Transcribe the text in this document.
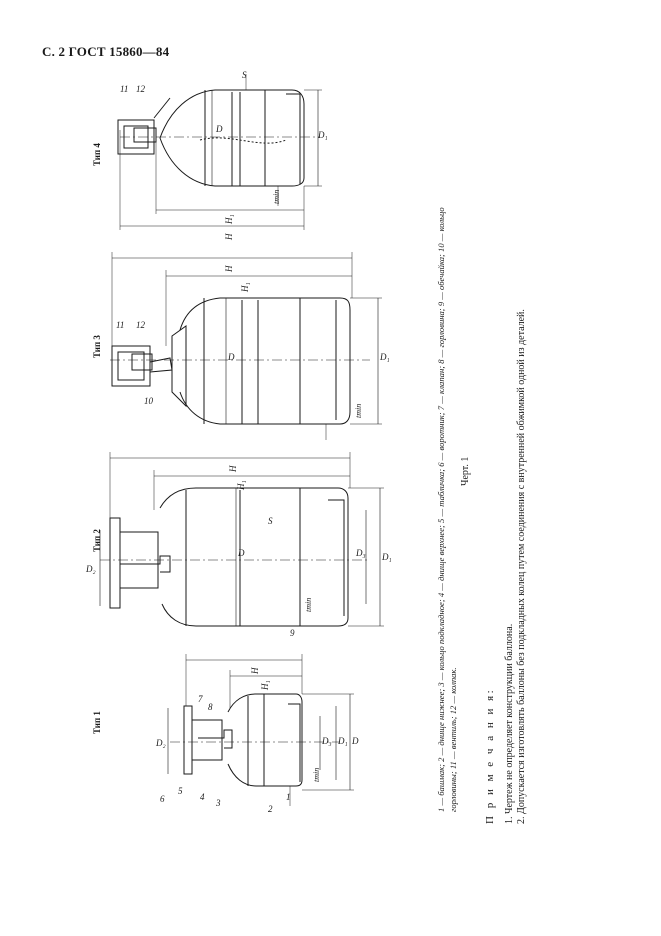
С. 2 ГОСТ 15860—84
Тип 4
Тип 3
Тип 2
Тип 1
D
D₁
S
11 12
D	D₁
11 12
10
D	D₁
D₃
D₂
S
9
D
D₁
D₃
D₂
2
1
3
4
5
6
7
8
H
H₁
tmin
H
H₁
tmin
H
H₁
tmin
H
H₁
tmin	1 — башмак; 2 — днище нижнее; 3 — кольцо подкладное; 4 — днище верхнее; 5 — табличка; 6 — воротник; 7 — клапан; 8 — горловина; 9 — обечайка; 10 — кольцо горловины; 11 — вентиль; 12 — колпак.
Черт. 1
П р и м е ч а н и я: 1. Чертеж не определяет конструкции баллона. 2. Допускается изготовлять баллоны без подкладных колец путем соединения с внутренней обжимкой одной из деталей.
